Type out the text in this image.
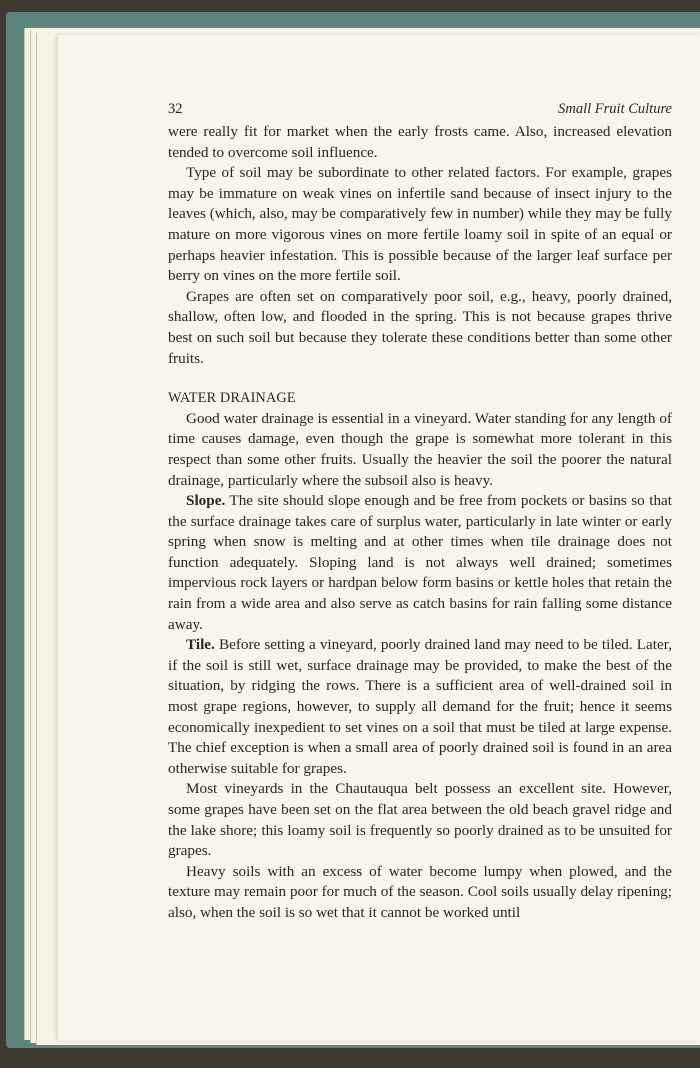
32	Small Fruit Culture

were really fit for market when the early frosts came. Also, increased elevation tended to overcome soil influence.

Type of soil may be subordinate to other related factors. For example, grapes may be immature on weak vines on infertile sand because of insect injury to the leaves (which, also, may be comparatively few in number) while they may be fully mature on more vigorous vines on more fertile loamy soil in spite of an equal or perhaps heavier infestation. This is possible because of the larger leaf surface per berry on vines on the more fertile soil.

Grapes are often set on comparatively poor soil, e.g., heavy, poorly drained, shallow, often low, and flooded in the spring. This is not because grapes thrive best on such soil but because they tolerate these conditions better than some other fruits.

WATER DRAINAGE

Good water drainage is essential in a vineyard. Water standing for any length of time causes damage, even though the grape is somewhat more tolerant in this respect than some other fruits. Usually the heavier the soil the poorer the natural drainage, particularly where the subsoil also is heavy.

Slope. The site should slope enough and be free from pockets or basins so that the surface drainage takes care of surplus water, particularly in late winter or early spring when snow is melting and at other times when tile drainage does not function adequately. Sloping land is not always well drained; sometimes impervious rock layers or hardpan below form basins or kettle holes that retain the rain from a wide area and also serve as catch basins for rain falling some distance away.

Tile. Before setting a vineyard, poorly drained land may need to be tiled. Later, if the soil is still wet, surface drainage may be provided, to make the best of the situation, by ridging the rows. There is a sufficient area of well-drained soil in most grape regions, however, to supply all demand for the fruit; hence it seems economically inexpedient to set vines on a soil that must be tiled at large expense. The chief exception is when a small area of poorly drained soil is found in an area otherwise suitable for grapes.

Most vineyards in the Chautauqua belt possess an excellent site. However, some grapes have been set on the flat area between the old beach gravel ridge and the lake shore; this loamy soil is frequently so poorly drained as to be unsuited for grapes.

Heavy soils with an excess of water become lumpy when plowed, and the texture may remain poor for much of the season. Cool soils usually delay ripening; also, when the soil is so wet that it cannot be worked until
